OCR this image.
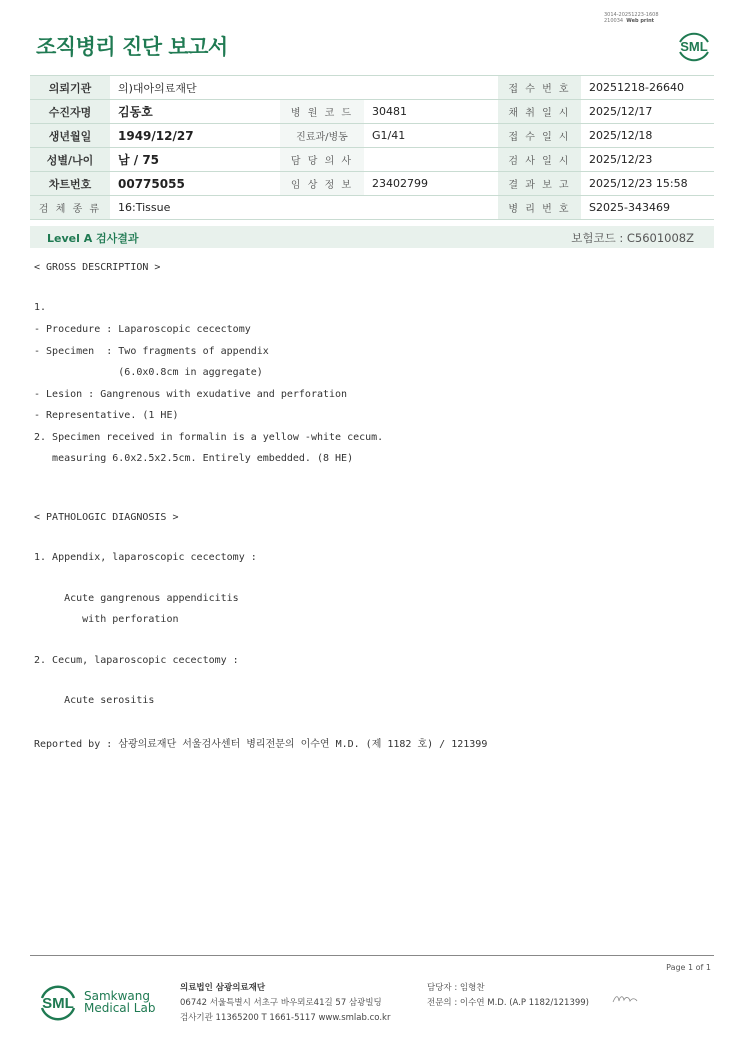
3014-20251223-1608
210034 Web print
조직병리 진단 보고서	SML
의뢰기관	의)대아의료재단			접 수 번 호	20251218-26640
수진자명	김동호	병 원 코 드	30481	채 취 일 시	2025/12/17
생년월일	1949/12/27	진료과/병동	G1/41	접 수 일 시	2025/12/18
성별/나이	남 / 75	담 당 의 사		검 사 일 시	2025/12/23
차트번호	00775055	임 상 정 보	23402799	결 과 보 고	2025/12/23 15:58
검 체 종 류	16:Tissue			병 리 번 호	S2025-343469
Level A 검사결과	보험코드 : C5601008Z

< GROSS DESCRIPTION >

1.

- Procedure : Laparoscopic cecectomy

- Specimen  : Two fragments of appendix

(6.0x0.8cm in aggregate)

- Lesion : Gangrenous with exudative and perforation

- Representative. (1 HE)

2. Specimen received in formalin is a yellow -white cecum.

measuring 6.0x2.5x2.5cm. Entirely embedded. (8 HE)

< PATHOLOGIC DIAGNOSIS >

1. Appendix, laparoscopic cecectomy :

Acute gangrenous appendicitis

with perforation

2. Cecum, laparoscopic cecectomy :

Acute serositis

Reported by : 삼광의료재단 서울검사센터 병리전문의 이수연 M.D. (제 1182 호) / 121399

Page 1 of 1
SML Samkwang
Medical Lab
의료법인 삼광의료재단
06742 서울특별시 서초구 바우뫼로41길 57 삼광빌딩
검사기관 11365200 T 1661-5117 www.smlab.co.kr
담당자 : 임형찬
전문의 : 이수연 M.D. (A.P 1182/121399)
